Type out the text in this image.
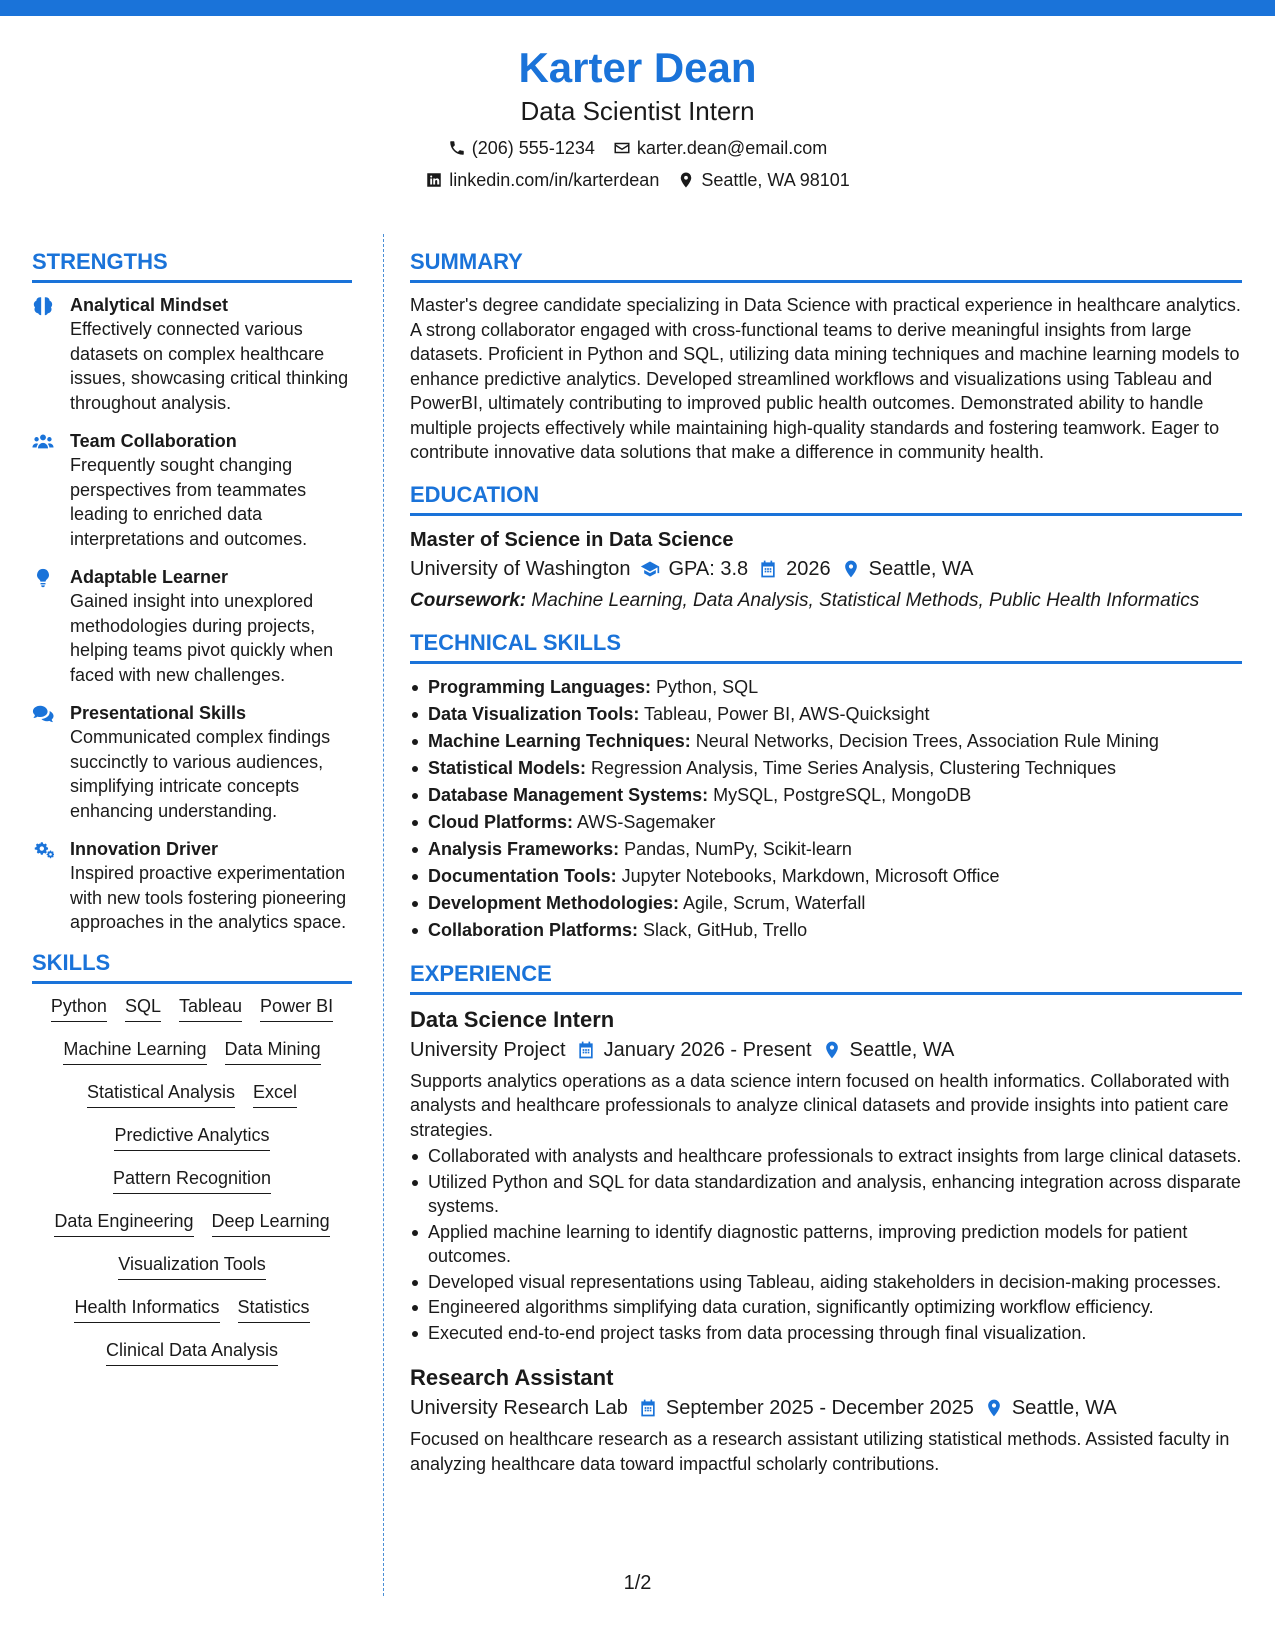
Karter Dean
Data Scientist Intern
(206) 555-1234 karter.dean@email.com
linkedin.com/in/karterdean Seattle, WA 98101
STRENGTHS
Analytical Mindset
Effectively connected various datasets on complex healthcare issues, showcasing critical thinking throughout analysis.
Team Collaboration
Frequently sought changing perspectives from teammates leading to enriched data interpretations and outcomes.
Adaptable Learner
Gained insight into unexplored methodologies during projects, helping teams pivot quickly when faced with new challenges.
Presentational Skills
Communicated complex findings succinctly to various audiences, simplifying intricate concepts enhancing understanding.
Innovation Driver
Inspired proactive experimentation with new tools fostering pioneering approaches in the analytics space.
SKILLS
Python SQL Tableau Power BI
Machine Learning Data Mining
Statistical Analysis Excel
Predictive Analytics
Pattern Recognition
Data Engineering Deep Learning
Visualization Tools
Health Informatics Statistics
Clinical Data Analysis
SUMMARY
Master's degree candidate specializing in Data Science with practical experience in healthcare analytics. A strong collaborator engaged with cross-functional teams to derive meaningful insights from large datasets. Proficient in Python and SQL, utilizing data mining techniques and machine learning models to enhance predictive analytics. Developed streamlined workflows and visualizations using Tableau and PowerBI, ultimately contributing to improved public health outcomes. Demonstrated ability to handle multiple projects effectively while maintaining high-quality standards and fostering teamwork. Eager to contribute innovative data solutions that make a difference in community health.
EDUCATION
Master of Science in Data Science
University of Washington GPA: 3.8 2026 Seattle, WA
Coursework: Machine Learning, Data Analysis, Statistical Methods, Public Health Informatics
TECHNICAL SKILLS
Programming Languages: Python, SQL
Data Visualization Tools: Tableau, Power BI, AWS-Quicksight
Machine Learning Techniques: Neural Networks, Decision Trees, Association Rule Mining
Statistical Models: Regression Analysis, Time Series Analysis, Clustering Techniques
Database Management Systems: MySQL, PostgreSQL, MongoDB
Cloud Platforms: AWS-Sagemaker
Analysis Frameworks: Pandas, NumPy, Scikit-learn
Documentation Tools: Jupyter Notebooks, Markdown, Microsoft Office
Development Methodologies: Agile, Scrum, Waterfall
Collaboration Platforms: Slack, GitHub, Trello
EXPERIENCE
Data Science Intern
University Project January 2026 - Present Seattle, WA
Supports analytics operations as a data science intern focused on health informatics. Collaborated with analysts and healthcare professionals to analyze clinical datasets and provide insights into patient care strategies.
Collaborated with analysts and healthcare professionals to extract insights from large clinical datasets.
Utilized Python and SQL for data standardization and analysis, enhancing integration across disparate systems.
Applied machine learning to identify diagnostic patterns, improving prediction models for patient outcomes.
Developed visual representations using Tableau, aiding stakeholders in decision-making processes.
Engineered algorithms simplifying data curation, significantly optimizing workflow efficiency.
Executed end-to-end project tasks from data processing through final visualization.
Research Assistant
University Research Lab September 2025 - December 2025 Seattle, WA
Focused on healthcare research as a research assistant utilizing statistical methods. Assisted faculty in analyzing healthcare data toward impactful scholarly contributions.
1/2
